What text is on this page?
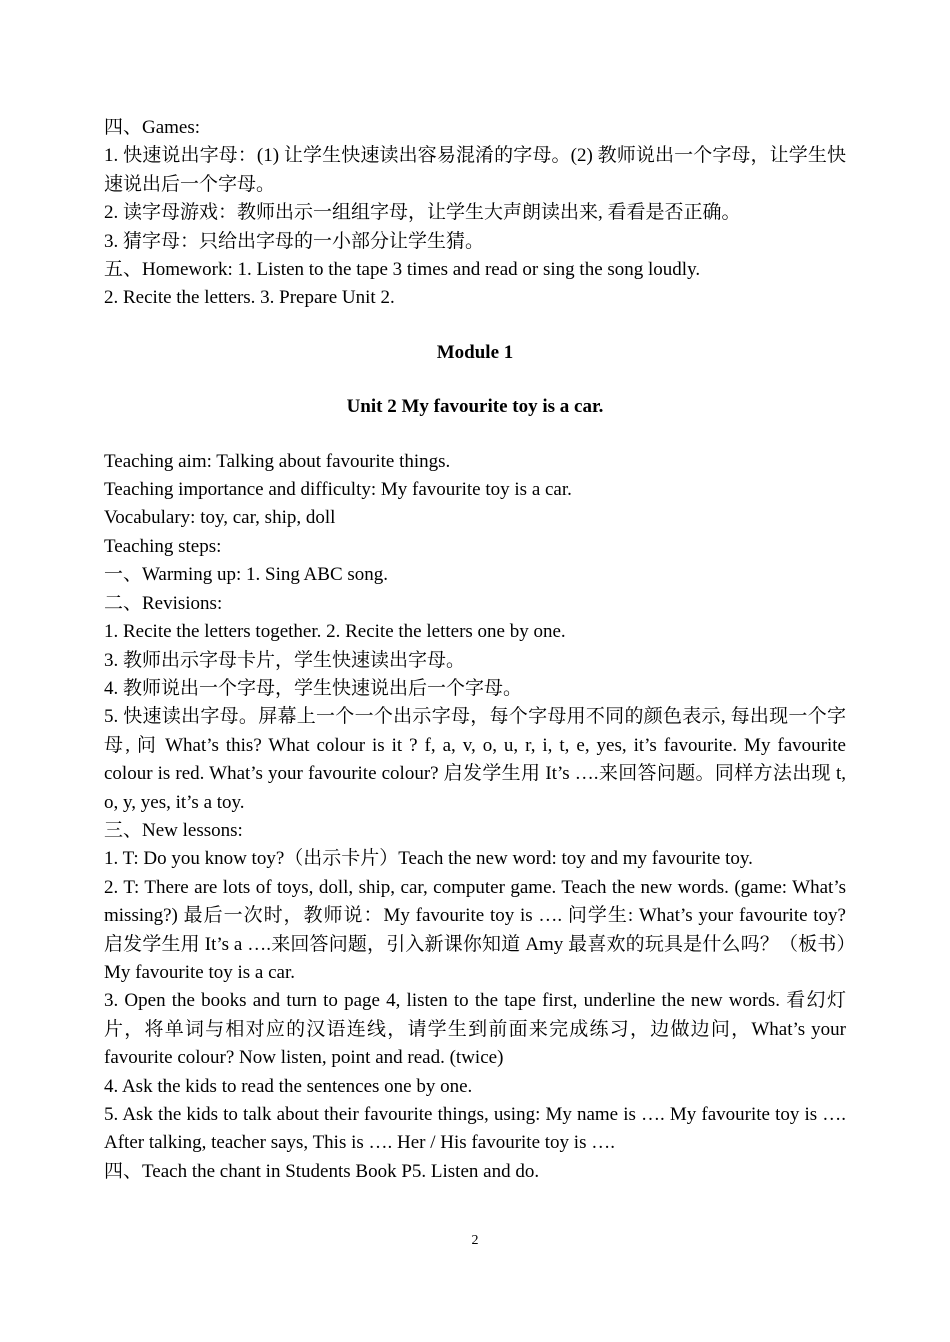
四、Games:

1. 快速说出字母：(1) 让学生快速读出容易混淆的字母。(2) 教师说出一个字母，让学生快速说出后一个字母。

2. 读字母游戏：教师出示一组组字母，让学生大声朗读出来, 看看是否正确。

3. 猜字母：只给出字母的一小部分让学生猜。

五、Homework: 1. Listen to the tape 3 times and read or sing the song loudly.

2. Recite the letters. 3. Prepare Unit 2.

Module 1

Unit 2 My favourite toy is a car.

Teaching aim: Talking about favourite things.

Teaching importance and difficulty: My favourite toy is a car.

Vocabulary: toy, car, ship, doll

Teaching steps:

一、Warming up: 1. Sing ABC song.

二、Revisions:

1. Recite the letters together. 2. Recite the letters one by one.

3. 教师出示字母卡片，学生快速读出字母。

4. 教师说出一个字母，学生快速说出后一个字母。

5. 快速读出字母。屏幕上一个一个出示字母，每个字母用不同的颜色表示, 每出现一个字母, 问 What’s this? What colour is it ? f, a, v, o, u, r, i, t, e, yes, it’s favourite. My favourite colour is red. What’s your favourite colour? 启发学生用 It’s ….来回答问题。同样方法出现 t, o, y, yes, it’s a toy.

三、New lessons:

1. T: Do you know toy?（出示卡片）Teach the new word: toy and my favourite toy.

2. T: There are lots of toys, doll, ship, car, computer game. Teach the new words. (game: What’s missing?) 最后一次时，教师说：My favourite toy is …. 问学生: What’s your favourite toy? 启发学生用 It’s a ….来回答问题，引入新课你知道 Amy 最喜欢的玩具是什么吗？（板书）My favourite toy is a car.

3. Open the books and turn to page 4, listen to the tape first, underline the new words. 看幻灯片，将单词与相对应的汉语连线，请学生到前面来完成练习，边做边问，What’s your favourite colour? Now listen, point and read. (twice)

4. Ask the kids to read the sentences one by one.

5. Ask the kids to talk about their favourite things, using: My name is …. My favourite toy is …. After talking, teacher says, This is …. Her / His favourite toy is ….

四、Teach the chant in Students Book P5. Listen and do.

2
